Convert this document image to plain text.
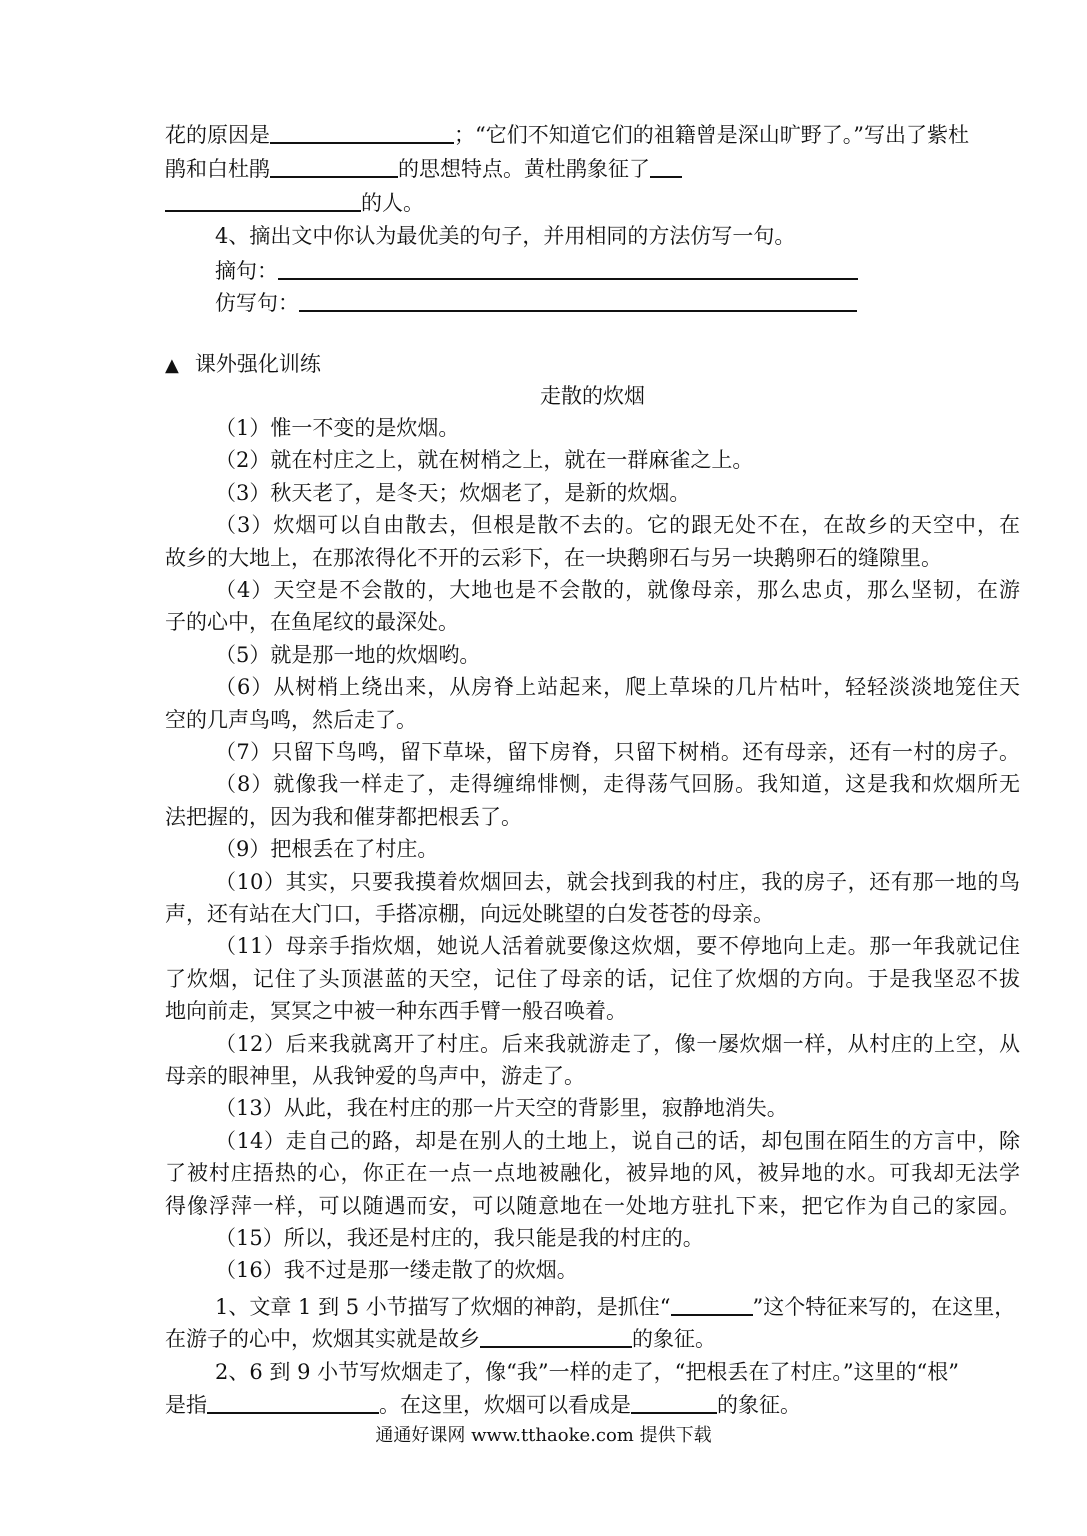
花的原因是	；“它们不知道它们的祖籍曾是深山旷野了。”写出了紫杜
鹃和白杜鹃	的思想特点。黄杜鹃象征了
的人。
4、摘出文中你认为最优美的句子，并用相同的方法仿写一句。
摘句：
仿写句：
▲ 课外强化训练
走散的炊烟
（1）惟一不变的是炊烟。
（2）就在村庄之上，就在树梢之上，就在一群麻雀之上。
（3）秋天老了，是冬天；炊烟老了，是新的炊烟。
（3）炊烟可以自由散去，但根是散不去的。它的跟无处不在，在故乡的天空中，在
故乡的大地上，在那浓得化不开的云彩下，在一块鹅卵石与另一块鹅卵石的缝隙里。
（4）天空是不会散的，大地也是不会散的，就像母亲，那么忠贞，那么坚韧，在游
子的心中，在鱼尾纹的最深处。
（5）就是那一地的炊烟哟。
（6）从树梢上绕出来，从房脊上站起来，爬上草垛的几片枯叶，轻轻淡淡地笼住天
空的几声鸟鸣，然后走了。
（7）只留下鸟鸣，留下草垛，留下房脊，只留下树梢。还有母亲，还有一村的房子。
（8）就像我一样走了，走得缠绵悱恻，走得荡气回肠。我知道，这是我和炊烟所无
法把握的，因为我和催芽都把根丢了。
（9）把根丢在了村庄。
（10）其实，只要我摸着炊烟回去，就会找到我的村庄，我的房子，还有那一地的鸟
声，还有站在大门口，手搭凉棚，向远处眺望的白发苍苍的母亲。
（11）母亲手指炊烟，她说人活着就要像这炊烟，要不停地向上走。那一年我就记住
了炊烟，记住了头顶湛蓝的天空，记住了母亲的话，记住了炊烟的方向。于是我坚忍不拔
地向前走，冥冥之中被一种东西手臂一般召唤着。
（12）后来我就离开了村庄。后来我就游走了，像一屡炊烟一样，从村庄的上空，从
母亲的眼神里，从我钟爱的鸟声中，游走了。
（13）从此，我在村庄的那一片天空的背影里，寂静地消失。
（14）走自己的路，却是在别人的土地上，说自己的话，却包围在陌生的方言中，除
了被村庄捂热的心，你正在一点一点地被融化，被异地的风，被异地的水。可我却无法学
得像浮萍一样，可以随遇而安，可以随意地在一处地方驻扎下来，把它作为自己的家园。
（15）所以，我还是村庄的，我只能是我的村庄的。
（16）我不过是那一缕走散了的炊烟。
1、文章 1 到 5 小节描写了炊烟的神韵，是抓住“	”这个特征来写的，在这里，
在游子的心中，炊烟其实就是故乡	的象征。
2、6 到 9 小节写炊烟走了，像“我”一样的走了，“把根丢在了村庄。”这里的“根”
是指	。在这里，炊烟可以看成是	的象征。
通通好课网 www.tthaoke.com 提供下载
